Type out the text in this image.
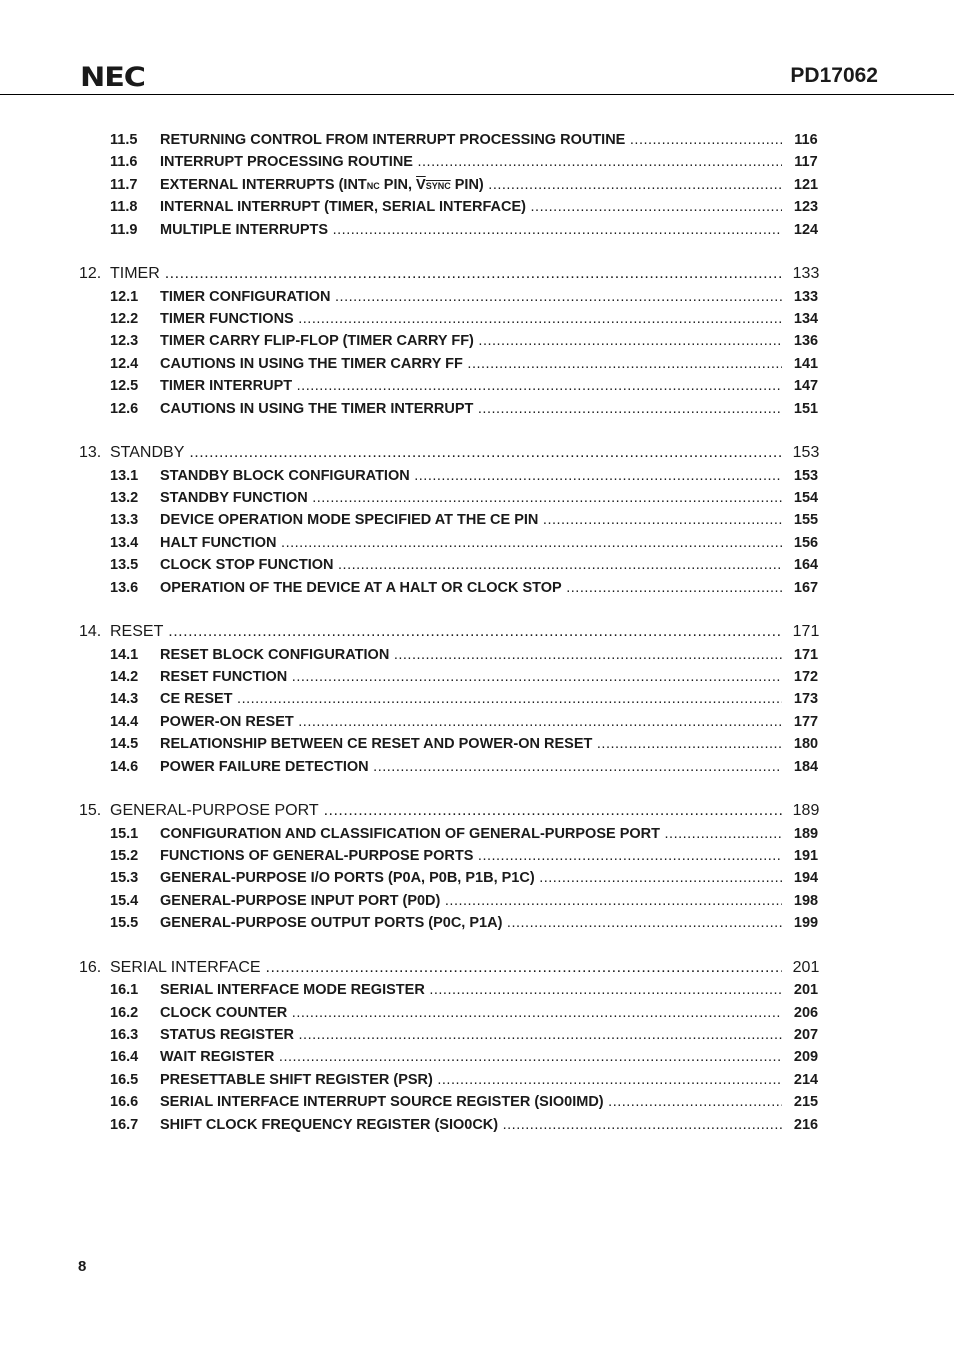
NEC	PD17062
11.5 RETURNING CONTROL FROM INTERRUPT PROCESSING ROUTINE .....	116
11.6 INTERRUPT PROCESSING ROUTINE .....	117
11.7 EXTERNAL INTERRUPTS (INTNC PIN, $\overline{V}SYNC$ PIN) .....	121
11.8 INTERNAL INTERRUPT (TIMER, SERIAL INTERFACE) .....	123
11.9 MULTIPLE INTERRUPTS .....	124
12. TIMER .....	133
12.1 TIMER CONFIGURATION .....	133
12.2 TIMER FUNCTIONS .....	134
12.3 TIMER CARRY FLIP-FLOP (TIMER CARRY FF) .....	136
12.4 CAUTIONS IN USING THE TIMER CARRY FF .....	141
12.5 TIMER INTERRUPT .....	147
12.6 CAUTIONS IN USING THE TIMER INTERRUPT .....	151
13. STANDBY .....	153
13.1 STANDBY BLOCK CONFIGURATION .....	153
13.2 STANDBY FUNCTION .....	154
13.3 DEVICE OPERATION MODE SPECIFIED AT THE CE PIN .....	155
13.4 HALT FUNCTION .....	156
13.5 CLOCK STOP FUNCTION .....	164
13.6 OPERATION OF THE DEVICE AT A HALT OR CLOCK STOP .....	167
14. RESET .....	171
14.1 RESET BLOCK CONFIGURATION .....	171
14.2 RESET FUNCTION .....	172
14.3 CE RESET .....	173
14.4 POWER-ON RESET .....	177
14.5 RELATIONSHIP BETWEEN CE RESET AND POWER-ON RESET .....	180
14.6 POWER FAILURE DETECTION .....	184
15. GENERAL-PURPOSE PORT .....	189
15.1 CONFIGURATION AND CLASSIFICATION OF GENERAL-PURPOSE PORT .....	189
15.2 FUNCTIONS OF GENERAL-PURPOSE PORTS .....	191
15.3 GENERAL-PURPOSE I/O PORTS (P0A, P0B, P1B, P1C) .....	194
15.4 GENERAL-PURPOSE INPUT PORT (P0D) .....	198
15.5 GENERAL-PURPOSE OUTPUT PORTS (P0C, P1A) .....	199
16. SERIAL INTERFACE .....	201
16.1 SERIAL INTERFACE MODE REGISTER .....	201
16.2 CLOCK COUNTER .....	206
16.3 STATUS REGISTER .....	207
16.4 WAIT REGISTER .....	209
16.5 PRESETTABLE SHIFT REGISTER (PSR) .....	214
16.6 SERIAL INTERFACE INTERRUPT SOURCE REGISTER (SIO0IMD) .....	215
16.7 SHIFT CLOCK FREQUENCY REGISTER (SIO0CK) .....	216
8
